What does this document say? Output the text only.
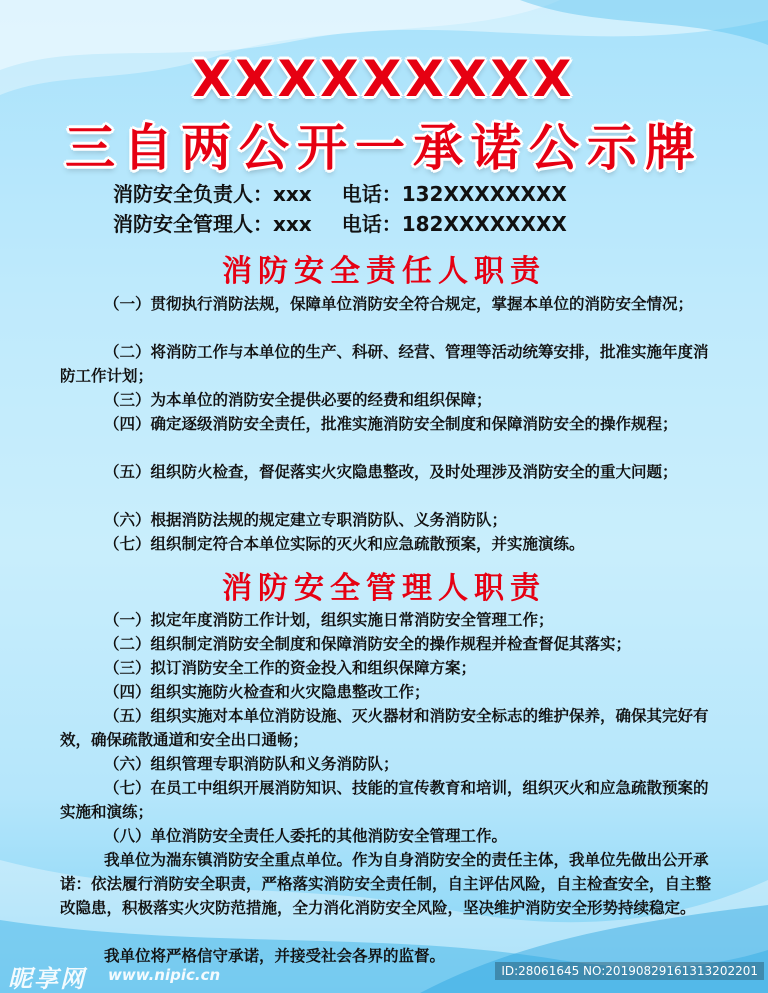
XXXXXXXXX
三自两公开一承诺公示牌
消防安全负责人：xxx 电话：132XXXXXXXX
消防安全管理人：xxx 电话：182XXXXXXXX
消防安全责任人职责

（一）贯彻执行消防法规，保障单位消防安全符合规定，掌握本单位的消防安全情况；

（二）将消防工作与本单位的生产、科研、经营、管理等活动统筹安排，批准实施年度消防工作计划；

（三）为本单位的消防安全提供必要的经费和组织保障；

（四）确定逐级消防安全责任，批准实施消防安全制度和保障消防安全的操作规程；

（五）组织防火检查，督促落实火灾隐患整改，及时处理涉及消防安全的重大问题；

（六）根据消防法规的规定建立专职消防队、义务消防队；

（七）组织制定符合本单位实际的灭火和应急疏散预案，并实施演练。

消防安全管理人职责

（一）拟定年度消防工作计划，组织实施日常消防安全管理工作；

（二）组织制定消防安全制度和保障消防安全的操作规程并检查督促其落实；

（三）拟订消防安全工作的资金投入和组织保障方案；

（四）组织实施防火检查和火灾隐患整改工作；

（五）组织实施对本单位消防设施、灭火器材和消防安全标志的维护保养，确保其完好有效，确保疏散通道和安全出口通畅；

（六）组织管理专职消防队和义务消防队；

（七）在员工中组织开展消防知识、技能的宣传教育和培训，组织灭火和应急疏散预案的实施和演练；

（八）单位消防安全责任人委托的其他消防安全管理工作。

我单位为湍东镇消防安全重点单位。作为自身消防安全的责任主体，我单位先做出公开承诺：依法履行消防安全职责，严格落实消防安全责任制，自主评估风险，自主检查安全，自主整改隐患，积极落实火灾防范措施，全力消化消防安全风险，坚决维护消防安全形势持续稳定。

我单位将严格信守承诺，并接受社会各界的监督。

昵享网 www.nipic.cn	ID:28061645 NO:20190829161313202201
